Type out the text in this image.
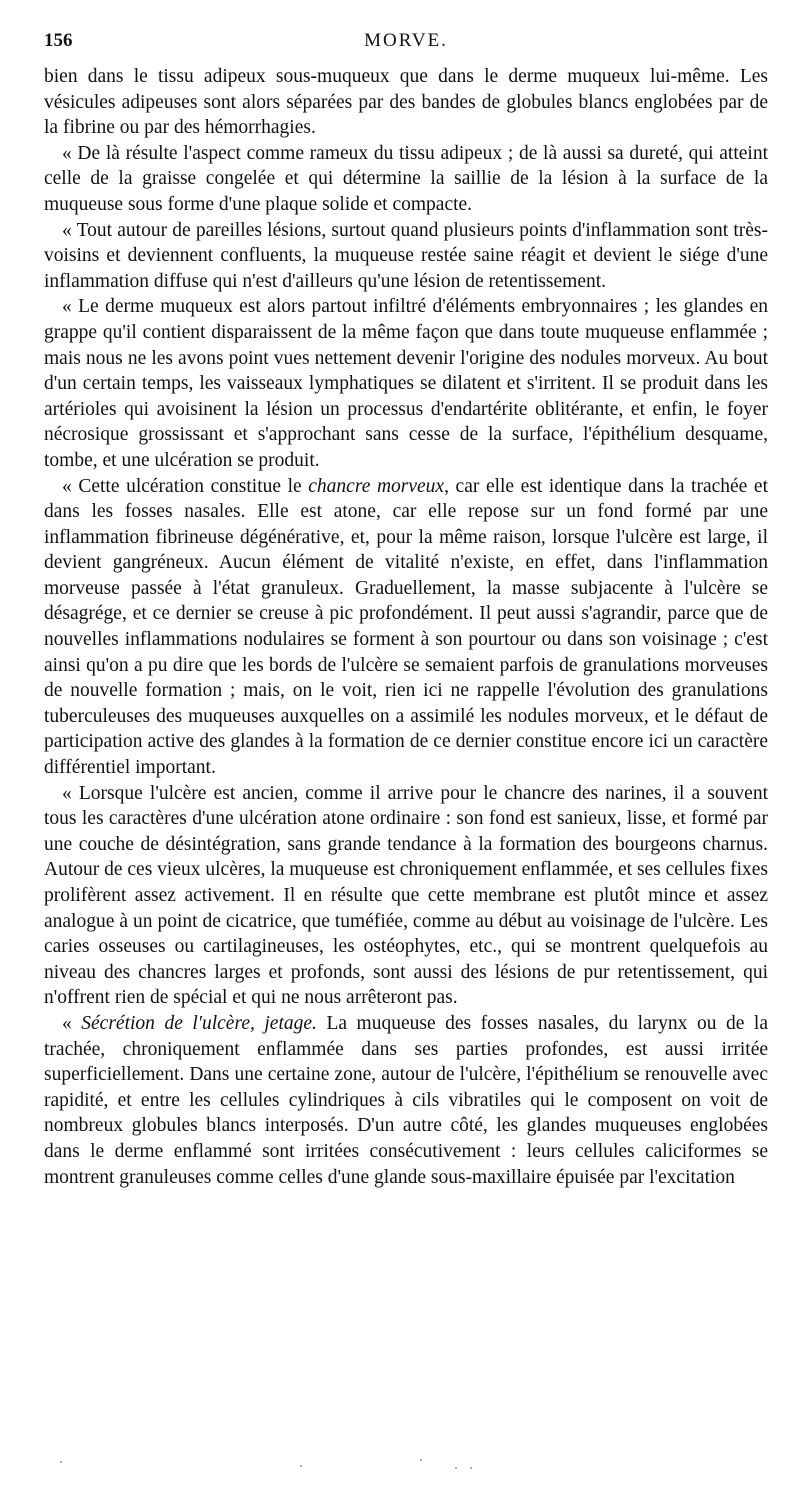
156	MORVE.

bien dans le tissu adipeux sous-muqueux que dans le derme muqueux lui-même. Les vésicules adipeuses sont alors séparées par des bandes de globules blancs englobées par de la fibrine ou par des hémorrhagies.

« De là résulte l'aspect comme rameux du tissu adipeux ; de là aussi sa dureté, qui atteint celle de la graisse congelée et qui détermine la saillie de la lésion à la surface de la muqueuse sous forme d'une plaque solide et compacte.

« Tout autour de pareilles lésions, surtout quand plusieurs points d'inflammation sont très-voisins et deviennent confluents, la muqueuse restée saine réagit et devient le siége d'une inflammation diffuse qui n'est d'ailleurs qu'une lésion de retentissement.

« Le derme muqueux est alors partout infiltré d'éléments embryonnaires ; les glandes en grappe qu'il contient disparaissent de la même façon que dans toute muqueuse enflammée ; mais nous ne les avons point vues nettement devenir l'origine des nodules morveux. Au bout d'un certain temps, les vaisseaux lymphatiques se dilatent et s'irritent. Il se produit dans les artérioles qui avoisinent la lésion un processus d'endartérite oblitérante, et enfin, le foyer nécrosique grossissant et s'approchant sans cesse de la surface, l'épithélium desquame, tombe, et une ulcération se produit.

« Cette ulcération constitue le chancre morveux, car elle est identique dans la trachée et dans les fosses nasales. Elle est atone, car elle repose sur un fond formé par une inflammation fibrineuse dégénérative, et, pour la même raison, lorsque l'ulcère est large, il devient gangréneux. Aucun élément de vitalité n'existe, en effet, dans l'inflammation morveuse passée à l'état granuleux. Graduellement, la masse subjacente à l'ulcère se désagrége, et ce dernier se creuse à pic profondément. Il peut aussi s'agrandir, parce que de nouvelles inflammations nodulaires se forment à son pourtour ou dans son voisinage ; c'est ainsi qu'on a pu dire que les bords de l'ulcère se semaient parfois de granulations morveuses de nouvelle formation ; mais, on le voit, rien ici ne rappelle l'évolution des granulations tuberculeuses des muqueuses auxquelles on a assimilé les nodules morveux, et le défaut de participation active des glandes à la formation de ce dernier constitue encore ici un caractère différentiel important.

« Lorsque l'ulcère est ancien, comme il arrive pour le chancre des narines, il a souvent tous les caractères d'une ulcération atone ordinaire : son fond est sanieux, lisse, et formé par une couche de désintégration, sans grande tendance à la formation des bourgeons charnus. Autour de ces vieux ulcères, la muqueuse est chroniquement enflammée, et ses cellules fixes prolifèrent assez activement. Il en résulte que cette membrane est plutôt mince et assez analogue à un point de cicatrice, que tuméfiée, comme au début au voisinage de l'ulcère. Les caries osseuses ou cartilagineuses, les ostéophytes, etc., qui se montrent quelquefois au niveau des chancres larges et profonds, sont aussi des lésions de pur retentissement, qui n'offrent rien de spécial et qui ne nous arrêteront pas.

« Sécrétion de l'ulcère, jetage. La muqueuse des fosses nasales, du larynx ou de la trachée, chroniquement enflammée dans ses parties profondes, est aussi irritée superficiellement. Dans une certaine zone, autour de l'ulcère, l'épithélium se renouvelle avec rapidité, et entre les cellules cylindriques à cils vibratiles qui le composent on voit de nombreux globules blancs interposés. D'un autre côté, les glandes muqueuses englobées dans le derme enflammé sont irritées consécutivement : leurs cellules caliciformes se montrent granuleuses comme celles d'une glande sous-maxillaire épuisée par l'excitation
